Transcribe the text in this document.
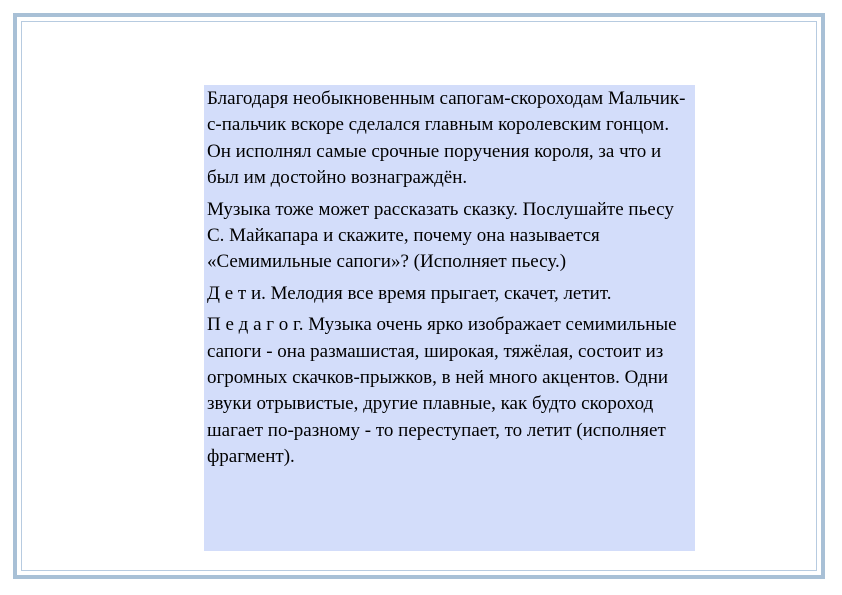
Благодаря необыкновенным сапогам-скороходам Мальчик-с-пальчик вскоре сделался главным королевским гонцом. Он исполнял самые срочные поручения короля, за что и был им достойно вознаграждён.

Музыка тоже может рассказать сказку. Послушайте пьесу С. Майкапара и скажите, почему она называется «Семимильные сапоги»? (Исполняет пьесу.)

Д е т и. Мелодия все время прыгает, скачет, летит.

П е д а г о г. Музыка очень ярко изображает семимильные сапоги - она размашистая, широкая, тяжёлая, состоит из огромных скачков-прыжков, в ней много акцентов. Одни звуки отрывистые, другие плавные, как будто скороход шагает по-разному - то переступает, то летит (исполняет фрагмент).
